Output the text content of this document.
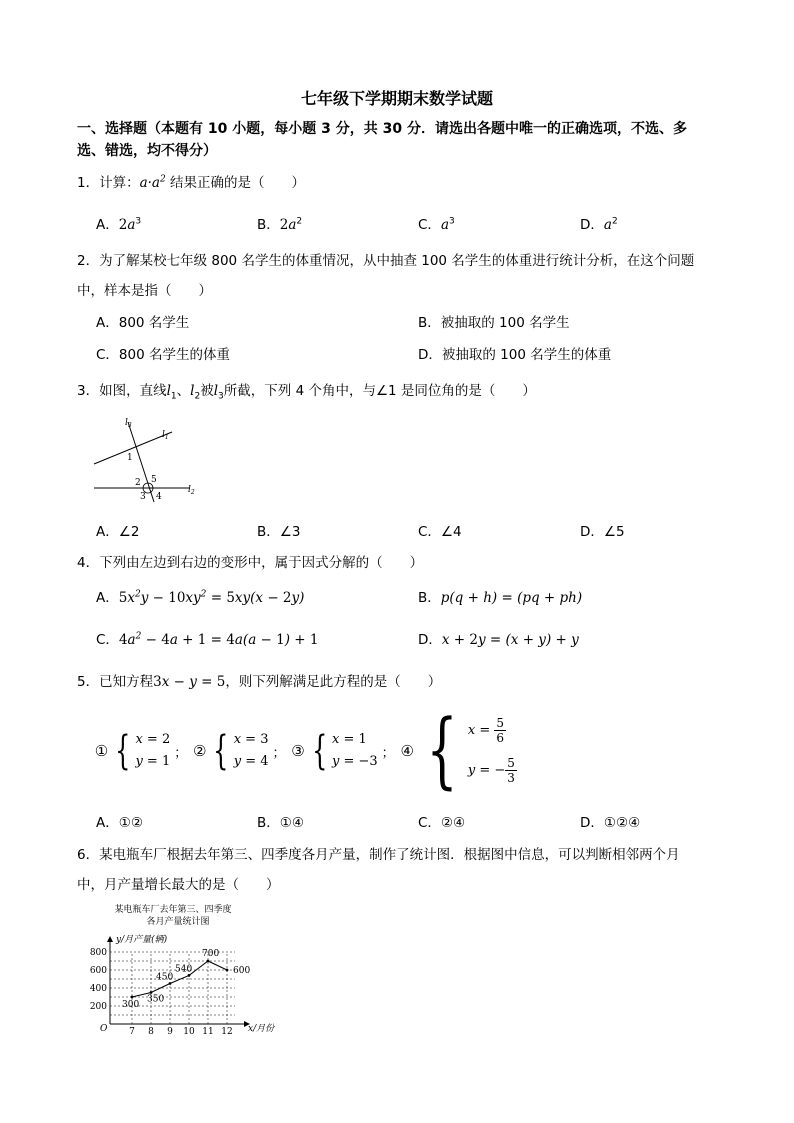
七年级下学期期末数学试题
一、选择题（本题有 10 小题，每小题 3 分，共 30 分．请选出各题中唯一的正确选项，不选、多
选、错选，均不得分）
1．计算：$a\cdot a^2$ 结果正确的是（　　）
A．$2a^3$	B．$2a^2$	C．$a^3$	D．$a^2$
2．为了解某校七年级 800 名学生的体重情况，从中抽查 100 名学生的体重进行统计分析，在这个问题
中，样本是指（　　）
A．800 名学生	B．被抽取的 100 名学生
C．800 名学生的体重	D．被抽取的 100 名学生的体重
3．如图，直线$l_1$、$l_2$被$l_3$所截，下列 4 个角中，与∠1 是同位角的是（　　）
$l_3$
$l_1$
1
2 5
3 4
$l_2$
A．∠2	B．∠3	C．∠4	D．∠5
4．下列由左边到右边的变形中，属于因式分解的（　　）
A．$5x^2y - 10xy^2 = 5xy(x - 2y)$	B．p(q + h) = (pq + ph)
C．$4a^2 - 4a + 1 = 4a(a - 1) + 1$	D．x + 2y = (x + y) + y
5．已知方程3x − y = 5，则下列解满足此方程的是（　　）
① { x = 2
y = 1
； ② { x = 3
y = 4
； ③ { x = 1
y = −3
； ④ { $x = \frac{5}{6}$
y = − $\frac{5}{3}$
A．①②	B．①④	C．②④	D．①②④
6．某电瓶车厂根据去年第三、四季度各月产量，制作了统计图．根据图中信息，可以判断相邻两个月
中，月产量增长最大的是（　　）
某电瓶车厂去年第三、四季度
各月产量统计图
y/月产量(辆)
x/月份
O
200
400
600
800
7 8 9 10 11 12
300
350
450
540
700
600
